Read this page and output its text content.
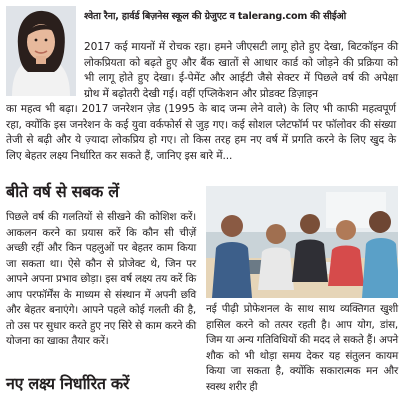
श्वेता रैना, हार्वर्ड बिज़नेस स्कूल की ग्रेजुएट व talerang.com की सीईओ
2017 कई मायनों में रोचक रहा। हमने जीएसटी लागू होते हुए देखा, बिटकॉइन की लोकप्रियता को बढ़ते हुए और बैंक खातों से आधार कार्ड को जोड़ने की प्रक्रिया को भी लागू होते हुए देखा। ई-पेमेंट और आईटी जैसे सेक्टर में पिछले वर्ष की अपेक्षा ग्रोथ में बढ़ोतरी देखी गई। वहीं एप्लिकेशन और प्रोडक्ट डिज़ाइन
का महत्व भी बढ़ा। 2017 जनरेशन ज़ेड (1995 के बाद जन्म लेने वाले) के लिए भी काफी महत्वपूर्ण रहा, क्योंकि इस जनरेशन के कई युवा वर्कफोर्स से जुड़ गए। कई सोशल प्लेटफॉर्म पर फॉलोवर की संख्या तेजी से बढ़ी और ये ज़्यादा लोकप्रिय हो गए। तो किस तरह हम नए वर्ष में प्रगति करने के लिए खुद के लिए बेहतर लक्ष्य निर्धारित कर सकते हैं, जानिए इस बारे में...
बीते वर्ष से सबक लें
पिछले वर्ष की गलतियों से सीखने की कोशिश करें। आकलन करने का प्रयास करें कि कौन सी चीज़ें अच्छी रहीं और किन पहलुओं पर बेहतर काम किया जा सकता था। ऐसे कौन से प्रोजेक्ट थे, जिन पर आपने अपना प्रभाव छोड़ा। इस वर्ष लक्ष्य तय करें कि आप परफॉर्मेंस के माध्यम से संस्थान में अपनी छवि और बेहतर बनाएंगे। आपने पहले कोई गलती की है, तो उस पर सुधार करते हुए नए सिरे से काम करने की योजना का खाका तैयार करें।
नए लक्ष्य निर्धारित करें
नई पीढ़ी प्रोफेशनल के साथ साथ व्यक्तिगत खुशी हासिल करने को तत्पर रहती है। आप योग, डांस, जिम या अन्य गतिविधियों की मदद ले सकते हैं। अपने शौक को भी थोड़ा समय देकर यह संतुलन कायम किया जा सकता है, क्योंकि सकारात्मक मन और स्वस्थ शरीर ही
